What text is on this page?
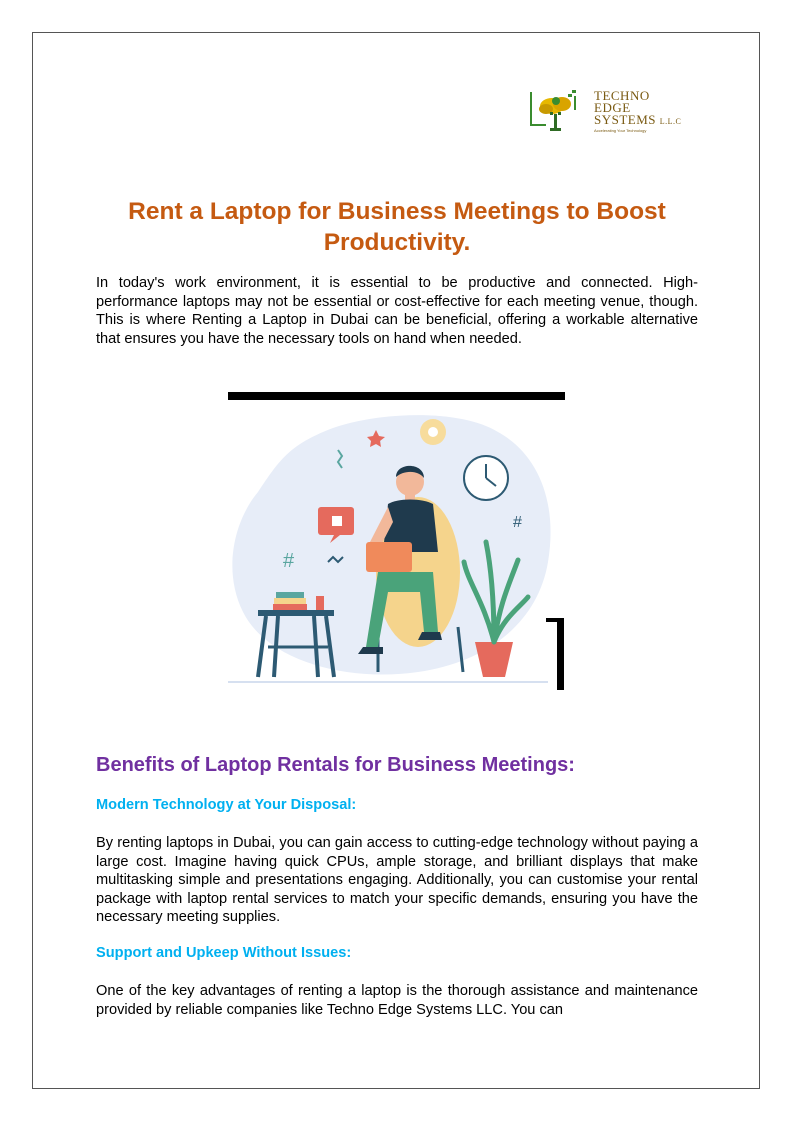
TECHNO
EDGE
SYSTEMS L.L.C
Accelerating Your Technology
Rent a Laptop for Business Meetings to Boost Productivity.

In today's work environment, it is essential to be productive and connected. High-performance laptops may not be essential or cost-effective for each meeting venue, though. This is where Renting a Laptop in Dubai can be beneficial, offering a workable alternative that ensures you have the necessary tools on hand when needed.

#
#
Benefits of Laptop Rentals for Business Meetings:
Modern Technology at Your Disposal:

By renting laptops in Dubai, you can gain access to cutting-edge technology without paying a large cost. Imagine having quick CPUs, ample storage, and brilliant displays that make multitasking simple and presentations engaging. Additionally, you can customise your rental package with laptop rental services to match your specific demands, ensuring you have the necessary meeting supplies.

Support and Upkeep Without Issues:

One of the key advantages of renting a laptop is the thorough assistance and maintenance provided by reliable companies like Techno Edge Systems LLC. You can
